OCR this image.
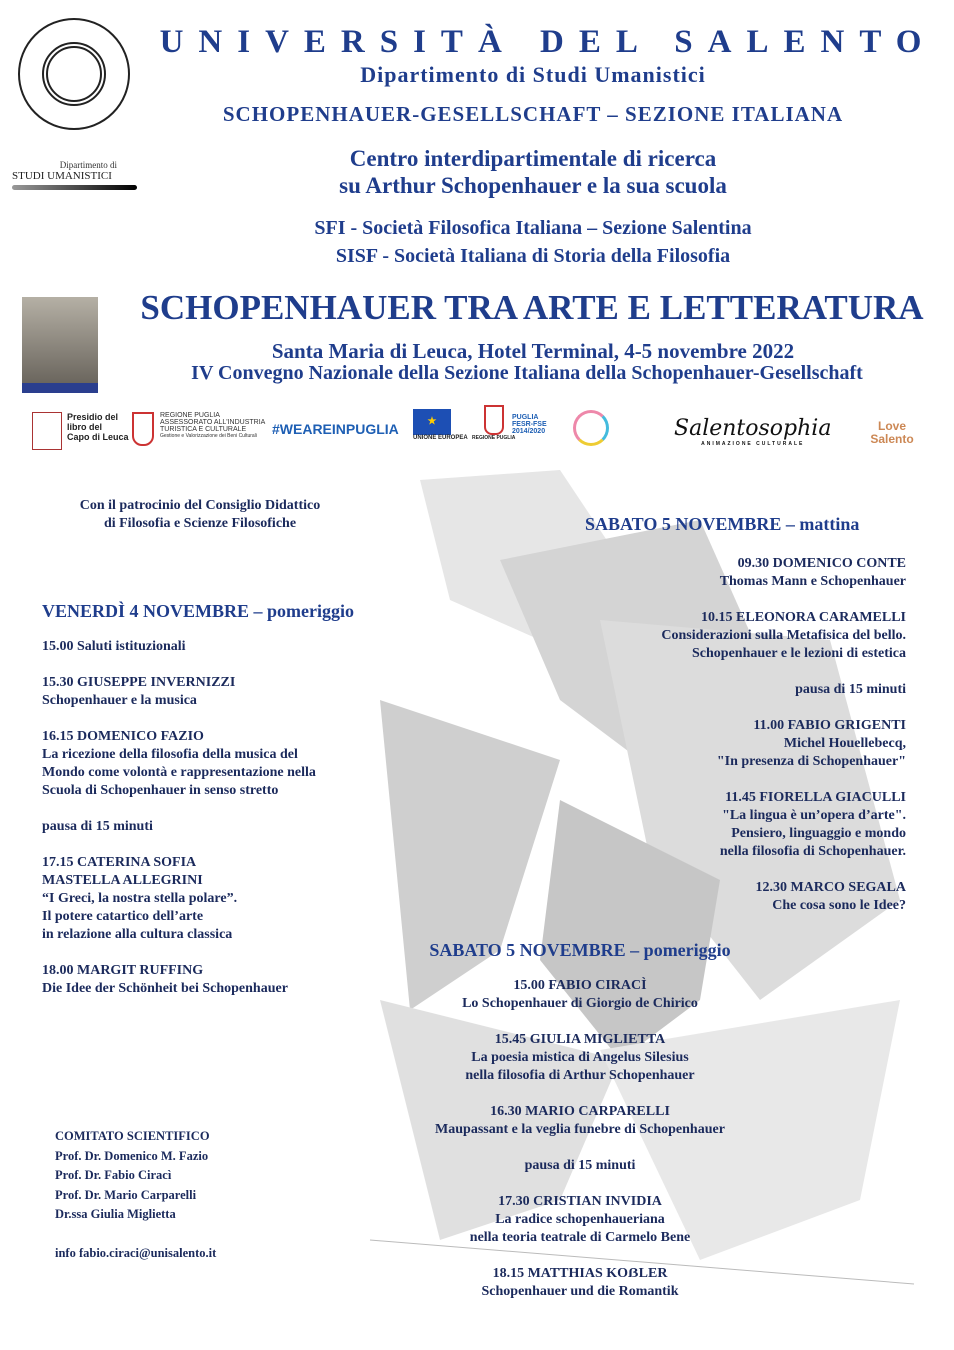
Dipartimento di
STUDI UMANISTICI
UNIVERSITÀ DEL SALENTO
Dipartimento di Studi Umanistici
SCHOPENHAUER-GESELLSCHAFT – SEZIONE ITALIANA
Centro interdipartimentale di ricerca
su Arthur Schopenhauer e la sua scuola
SFI - Società Filosofica Italiana – Sezione Salentina
SISF - Società Italiana di Storia della Filosofia
SCHOPENHAUER TRA ARTE E LETTERATURA
Santa Maria di Leuca, Hotel Terminal, 4-5 novembre 2022
IV Convegno Nazionale della Sezione Italiana della Schopenhauer-Gesellschaft
Presidio del
libro del
Capo di Leuca
REGIONE PUGLIA
ASSESSORATO ALL'INDUSTRIA
TURISTICA E CULTURALE
Gestione e Valorizzazione dei Beni Culturali	#WEAREINPUGLIA	★
UNIONE EUROPEA REGIONE PUGLIA
PUGLIA
FESR-FSE
2014/2020	Salentosophia
ANIMAZIONE CULTURALE
Love Salento
Con il patrocinio del Consiglio Didattico
di Filosofia e Scienze Filosofiche
VENERDÌ 4 NOVEMBRE – pomeriggio
15.00 Saluti istituzionali
15.30 GIUSEPPE INVERNIZZI
Schopenhauer e la musica
16.15 DOMENICO FAZIO
La ricezione della filosofia della musica del
Mondo come volontà e rappresentazione nella
Scuola di Schopenhauer in senso stretto
pausa di 15 minuti
17.15 CATERINA SOFIA
MASTELLA ALLEGRINI
“I Greci, la nostra stella polare”.
Il potere catartico dell’arte
in relazione alla cultura classica
18.00 MARGIT RUFFING
Die Idee der Schönheit bei Schopenhauer
SABATO 5 NOVEMBRE – mattina
09.30 DOMENICO CONTE
Thomas Mann e Schopenhauer
10.15 ELEONORA CARAMELLI
Considerazioni sulla Metafisica del bello.
Schopenhauer e le lezioni di estetica
pausa di 15 minuti
11.00 FABIO GRIGENTI
Michel Houellebecq,
"In presenza di Schopenhauer"
11.45 FIORELLA GIACULLI
"La lingua è un’opera d’arte".
Pensiero, linguaggio e mondo
nella filosofia di Schopenhauer.
12.30 MARCO SEGALA
Che cosa sono le Idee?
SABATO 5 NOVEMBRE – pomeriggio
15.00 FABIO CIRACÌ
Lo Schopenhauer di Giorgio de Chirico
15.45 GIULIA MIGLIETTA
La poesia mistica di Angelus Silesius
nella filosofia di Arthur Schopenhauer
16.30 MARIO CARPARELLI
Maupassant e la veglia funebre di Schopenhauer
pausa di 15 minuti
17.30 CRISTIAN INVIDIA
La radice schopenhaueriana
nella teoria teatrale di Carmelo Bene
18.15 MATTHIAS KOẞLER
Schopenhauer und die Romantik
COMITATO SCIENTIFICO
Prof. Dr. Domenico M. Fazio
Prof. Dr. Fabio Ciracì
Prof. Dr. Mario Carparelli
Dr.ssa Giulia Miglietta
info fabio.ciraci@unisalento.it
